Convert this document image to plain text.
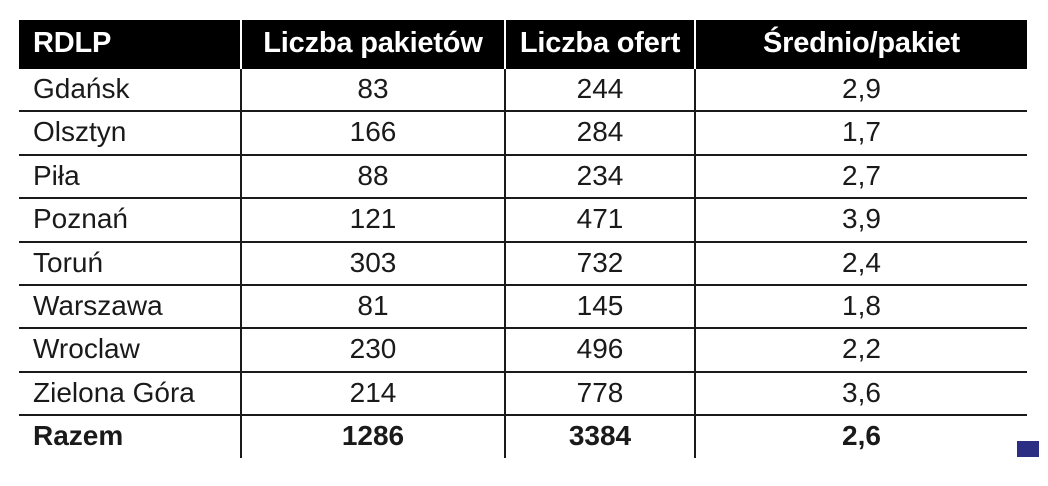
RDLP	Liczba pakietów	Liczba ofert	Średnio/pakiet
Gdańsk	83	244	2,9
Olsztyn	166	284	1,7
Piła	88	234	2,7
Poznań	121	471	3,9
Toruń	303	732	2,4
Warszawa	81	145	1,8
Wroclaw	230	496	2,2
Zielona Góra	214	778	3,6
Razem	1286	3384	2,6
